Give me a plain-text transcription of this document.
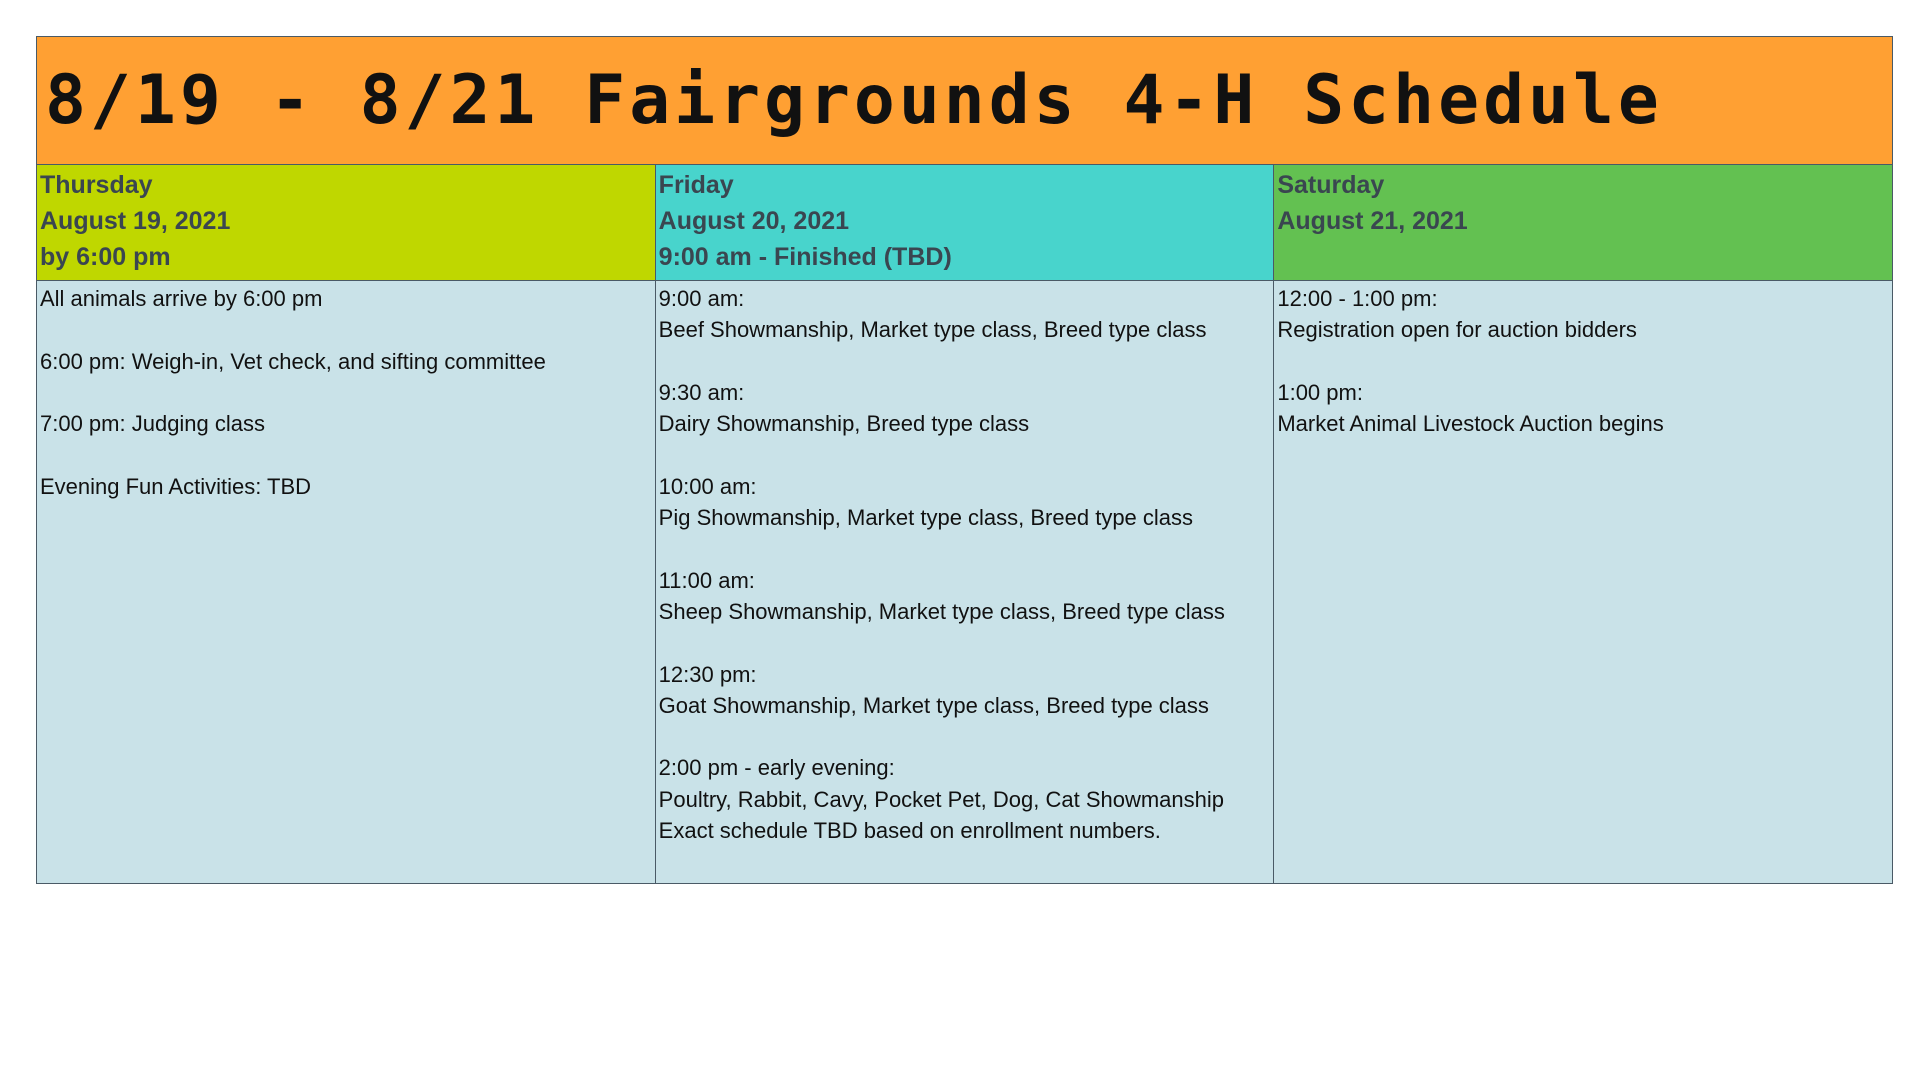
8/19 - 8/21 Fairgrounds 4-H Schedule
Thursday
August 19, 2021
by 6:00 pm
Friday
August 20, 2021
9:00 am - Finished (TBD)
Saturday
August 21, 2021
All animals arrive by 6:00 pm
6:00 pm: Weigh-in, Vet check, and sifting committee
7:00 pm: Judging class
Evening Fun Activities: TBD
9:00 am:
Beef Showmanship, Market type class, Breed type class
9:30 am:
Dairy Showmanship, Breed type class
10:00 am:
Pig Showmanship, Market type class, Breed type class
11:00 am:
Sheep Showmanship, Market type class, Breed type class
12:30 pm:
Goat Showmanship, Market type class, Breed type class
2:00 pm - early evening:
Poultry, Rabbit, Cavy, Pocket Pet, Dog, Cat Showmanship
Exact schedule TBD based on enrollment numbers.
12:00 - 1:00 pm:
Registration open for auction bidders
1:00 pm:
Market Animal Livestock Auction begins
